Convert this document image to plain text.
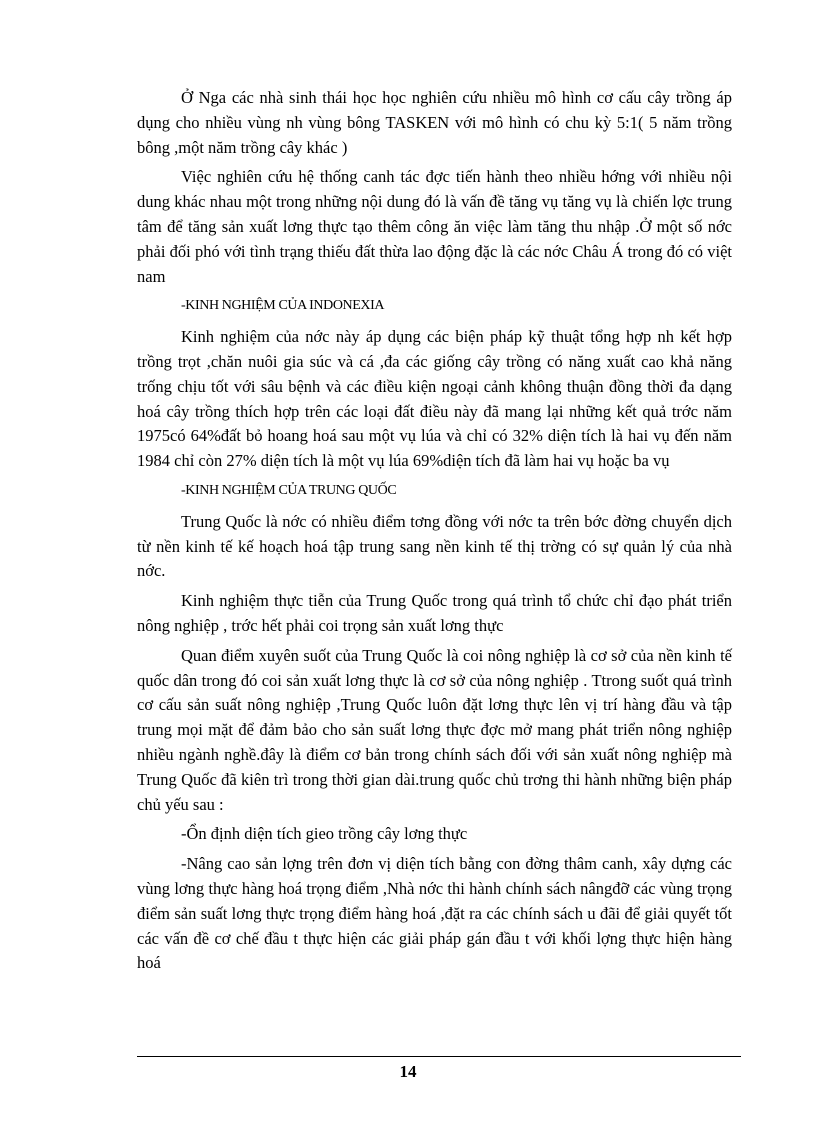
Ở Nga các nhà sinh thái học học nghiên cứu nhiều mô hình cơ cấu cây trồng áp dụng cho nhiều vùng nh vùng bông TASKEN với mô hình có chu kỳ 5:1( 5 năm trồng bông ,một năm trồng cây khác )

Việc nghiên cứu hệ thống canh tác đợc tiến hành theo nhiều hớng với nhiều nội dung khác nhau một trong những nội dung đó là vấn đề tăng vụ tăng vụ là chiến lợc trung tâm để tăng sản xuất lơng thực tạo thêm công ăn việc làm tăng thu nhập .Ở một số nớc phải đối phó với tình trạng thiếu đất thừa lao động đặc là các nớc Châu Á trong đó có việt nam

-KINH NGHIỆM CỦA INDONEXIA

Kinh nghiệm của nớc này áp dụng các biện pháp kỹ thuật tổng hợp nh kết hợp trồng trọt ,chăn nuôi gia súc và cá ,đa các giống cây trồng có năng xuất cao khả năng trống chịu tốt với sâu bệnh và các điều kiện ngoại cảnh không thuận đồng thời đa dạng hoá cây trồng thích hợp trên các loại đất điều này đã mang lại những kết quả trớc năm 1975có 64%đất bỏ hoang hoá sau một vụ lúa và chỉ có 32% diện tích là hai vụ đến năm 1984 chỉ còn 27% diện tích là một vụ lúa 69%diện tích đã làm hai vụ hoặc ba vụ

-KINH NGHIỆM CỦA TRUNG QUỐC

Trung Quốc là nớc có nhiều điểm tơng đồng với nớc ta trên bớc đờng chuyển dịch từ nền kinh tế kế hoạch hoá tập trung sang nền kinh tế thị trờng có sự quản lý của nhà nớc.

Kinh nghiệm thực tiễn của Trung Quốc trong quá trình tổ chức chỉ đạo phát triển nông nghiệp , trớc hết phải coi trọng sản xuất lơng thực

Quan điểm xuyên suốt của Trung Quốc là coi nông nghiệp là cơ sở của nền kinh tế quốc dân trong đó coi sản xuất lơng thực là cơ sở của nông nghiệp . Ttrong suốt quá trình cơ cấu sản suất nông nghiệp ,Trung Quốc luôn đặt lơng thực lên vị trí hàng đầu và tập trung mọi mặt để đảm bảo cho sản suất lơng thực đợc mở mang phát triển nông nghiệp nhiều ngành nghề.đây là điểm cơ bản trong chính sách đối với sản xuất nông nghiệp mà Trung Quốc đã kiên trì trong thời gian dài.trung quốc chủ trơng thi hành những biện pháp chủ yếu sau :

-Ổn định diện tích gieo trồng cây lơng thực

-Nâng cao sản lợng trên đơn vị diện tích bằng con đờng thâm canh, xây dựng các vùng lơng thực hàng hoá trọng điểm ,Nhà nớc thi hành chính sách nângđỡ các vùng trọng điểm sản suất lơng thực trọng điểm hàng hoá ,đặt ra các chính sách u đãi để giải quyết tốt các vấn đề cơ chế đầu t thực hiện các giải pháp gán đầu t với khối lợng thực hiện hàng hoá

14
